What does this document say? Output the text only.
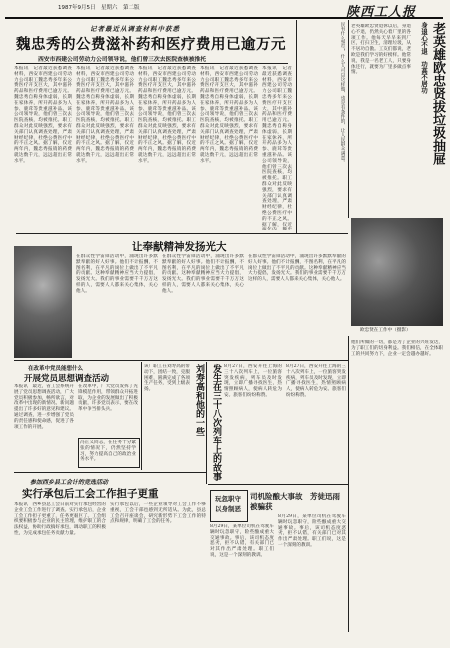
1987年9月5日　星期六　第二版	陕西工人报
记者最近从调查材料中获悉
魏忠秀的公费滋补药和医疗费用已逾万元
西安市西建公司劳动力公司领导说，他们曾三次去医院查核被推托
本报讯　记者最近获悉调查材料，西安市西建公司劳动力公司职工魏忠秀多年来公费医疗开支巨大，其中滋补药品和医疗费用已逾万元。魏忠秀自称身体虚弱，长期在家休养，所开药品多为人参、鹿茸等贵重滋补品。该公司领导说，他们曾三次去医院查核，均被推托。职工群众对此反映强烈，要求有关部门认真调查处理，严肃财经纪律，杜绝公费医疗中的不正之风。据了解，仅近两年内，魏忠秀报销的药费就达数千元，远远超出正常水平。
本报讯　记者最近获悉调查材料，西安市西建公司劳动力公司职工魏忠秀多年来公费医疗开支巨大，其中滋补药品和医疗费用已逾万元。魏忠秀自称身体虚弱，长期在家休养，所开药品多为人参、鹿茸等贵重滋补品。该公司领导说，他们曾三次去医院查核，均被推托。职工群众对此反映强烈，要求有关部门认真调查处理，严肃财经纪律，杜绝公费医疗中的不正之风。据了解，仅近两年内，魏忠秀报销的药费就达数千元，远远超出正常水平。
本报讯　记者最近获悉调查材料，西安市西建公司劳动力公司职工魏忠秀多年来公费医疗开支巨大，其中滋补药品和医疗费用已逾万元。魏忠秀自称身体虚弱，长期在家休养，所开药品多为人参、鹿茸等贵重滋补品。该公司领导说，他们曾三次去医院查核，均被推托。职工群众对此反映强烈，要求有关部门认真调查处理，严肃财经纪律，杜绝公费医疗中的不正之风。据了解，仅近两年内，魏忠秀报销的药费就达数千元，远远超出正常水平。
本报讯　记者最近获悉调查材料，西安市西建公司劳动力公司职工魏忠秀多年来公费医疗开支巨大，其中滋补药品和医疗费用已逾万元。魏忠秀自称身体虚弱，长期在家休养，所开药品多为人参、鹿茸等贵重滋补品。该公司领导说，他们曾三次去医院查核，均被推托。职工群众对此反映强烈，要求有关部门认真调查处理，严肃财经纪律，杜绝公费医疗中的不正之风。据了解，仅近两年内，魏忠秀报销的药费就达数千元，远远超出正常水平。
本报讯　记者最近获悉调查材料，西安市西建公司劳动力公司职工魏忠秀多年来公费医疗开支巨大，其中滋补药品和医疗费用已逾万元。魏忠秀自称身体虚弱，长期在家休养，所开药品多为人参、鹿茸等贵重滋补品。该公司领导说，他们曾三次去医院查核，均被推托。职工群众对此反映强烈，要求有关部门认真调查处理，严肃财经纪律，杜绝公费医疗中的不正之风。据了解，仅近
民有什么怨气，什么人可以这样做，也是有条件的，让人民群众满意。 老英雄欧忠贤退休以后，身退心不退，仍然关心着厂里的各项工作。他每天早早来到厂区，打扫卫生，清理垃圾，从不居功自傲。工友们都说，老欧是我们学习的好榜样。他常说，我是一名老工人，只要身体还行，就要为厂里多做点事情。	身退心不退　功高不居功 老英雄欧忠贤拔垃圾抽屉
欧忠贤在工作中（摄影）
让奉献精神发扬光大
在群众性学雷锋活动中，涌现出许多默默奉献的好人好事。他们不计报酬，不图名利，在平凡的岗位上做出了不平凡的贡献。这种奉献精神应当大力提倡，发扬光大。我们的事业需要千千万万这样的人，需要人人都来关心集体，关心他人。
在群众性学雷锋活动中，涌现出许多默默奉献的好人好事。他们不计报酬，不图名利，在平凡的岗位上做出了不平凡的贡献。这种奉献精神应当大力提倡，发扬光大。我们的事业需要千千万万这样的人，需要人人都来关心集体，关心他人。
在群众性学雷锋活动中，涌现出许多默默奉献的好人好事。他们不计报酬，不图名利，在平凡的岗位上做出了不平凡的贡献。这种奉献精神应当大力提倡，发扬光大。我们的事业需要千千万万这样的人，需要人人都来关心集体，关心他人。
在改革中党员能想什么
开展党员思想调查活动
本报讯　最近，省工会系统开展了党员思想调查活动，广大党员积极参加，畅所欲言，对改革中出现的新情况、新问题提出了许多好的意见和建议。通过调查，进一步增强了党员的责任感和使命感，促进了各项工作的开展。
在改革中，广大党员发挥了先锋模范作用，带领群众开拓进取，为企业的发展做出了积极贡献，许多党员表示，要在改革中争当排头兵。
冯正义同志，在任务十分紧张的情况下，仍然坚持学习，努力提高自己的政治业务水平。
刘寿高和他的一些
该厂职工在刘寿高的带动下，团结一致，克服困难，圆满完成了各项生产任务，受到上级表扬。	发生在三十八次列车上的故事 8月27日，西安开往上海的三十八次列车上，一位旅客突发疾病，列车员及时发现，立即广播寻找医生，热情照顾病人，使病人转危为安。旅客们纷纷称赞。
8月27日，西安开往上海的三十八次列车上，一位旅客突发疾病，列车员及时发现，立即广播寻找医生，热情照顾病人，使病人转危为安。旅客们纷纷称赞。
他们所做的一切，都是为了企业的兴旺发达，为了职工们的切身利益。我们相信，在全体职工的共同努力下，企业一定会越办越好。
参加西乡县工会计的竞选活动
实行承包后工会工作担子更重
本报讯　西乡县总工会日前对实行承包经营的企业工会工作进行了调查。实行承包后，企业工会工作担子更重了，任务更艰巨了。工会组织要积极参与企业的民主管理，维护职工的合法权益，协助行政搞好承包，调动职工的积极性，为完成承包任务贡献力量。
实行承包以后，一些企业领导对工会工作不够重视，工会干部也感到无所适从。为此，县总工会召开座谈会，研究新形势下工会工作的特点和规律，明确了工会的任务。
玩忽职守以身制恶
司机险酿大事故　芳徒迅雨被骗获
8月29日，某单位司机在驾驶车辆时玩忽职守，险些酿成重大交通事故。事后，该司机态度恶劣，拒不认错，有关部门已对其作出严肃处理。职工们说，这是一个深刻的教训。
8月29日，某单位司机在驾驶车辆时玩忽职守，险些酿成重大交通事故。事后，该司机态度恶劣，拒不认错，有关部门已对其作出严肃处理。职工们说，这是一个深刻的教训。
